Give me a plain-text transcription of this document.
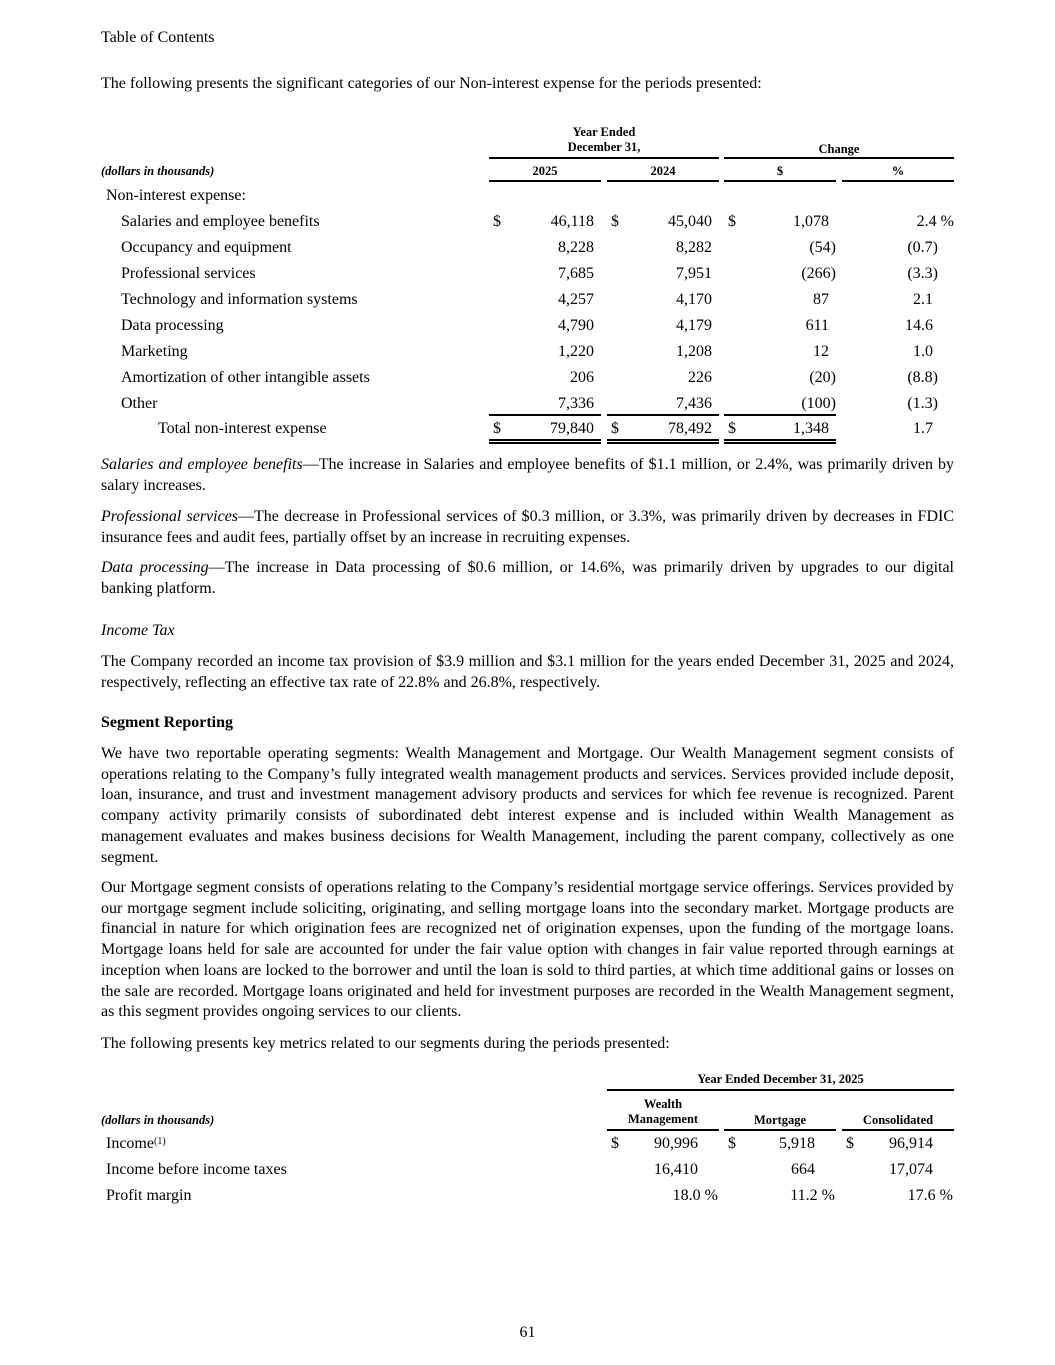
Table of Contents
The following presents the significant categories of our Non-interest expense for the periods presented:
Year Ended
December 31,	Change
(dollars in thousands)	2025	2024	$	%
Non-interest expense:
Salaries and employee benefits	$	46,118 $	45,040 $	1,078	2.4 %
Occupancy and equipment	8,228	8,282	(54)	(0.7)
Professional services	7,685	7,951	(266)	(3.3)
Technology and information systems	4,257	4,170	87	2.1
Data processing	4,790	4,179	611	14.6
Marketing	1,220	1,208	12	1.0
Amortization of other intangible assets	206	226	(20)	(8.8)
Other	7,336	7,436	(100)	(1.3)
Total non-interest expense	$	79,840 $	78,492 $	1,348	1.7
Salaries and employee benefits—The increase in Salaries and employee benefits of $1.1 million, or 2.4%, was primarily driven by salary increases.
Professional services—The decrease in Professional services of $0.3 million, or 3.3%, was primarily driven by decreases in FDIC insurance fees and audit fees, partially offset by an increase in recruiting expenses.
Data processing—The increase in Data processing of $0.6 million, or 14.6%, was primarily driven by upgrades to our digital banking platform.
Income Tax
The Company recorded an income tax provision of $3.9 million and $3.1 million for the years ended December 31, 2025 and 2024, respectively, reflecting an effective tax rate of 22.8% and 26.8%, respectively.
Segment Reporting
We have two reportable operating segments: Wealth Management and Mortgage. Our Wealth Management segment consists of operations relating to the Company’s fully integrated wealth management products and services. Services provided include deposit, loan, insurance, and trust and investment management advisory products and services for which fee revenue is recognized. Parent company activity primarily consists of subordinated debt interest expense and is included within Wealth Management as management evaluates and makes business decisions for Wealth Management, including the parent company, collectively as one segment.
Our Mortgage segment consists of operations relating to the Company’s residential mortgage service offerings. Services provided by our mortgage segment include soliciting, originating, and selling mortgage loans into the secondary market. Mortgage products are financial in nature for which origination fees are recognized net of origination expenses, upon the funding of the mortgage loans. Mortgage loans held for sale are accounted for under the fair value option with changes in fair value reported through earnings at inception when loans are locked to the borrower and until the loan is sold to third parties, at which time additional gains or losses on the sale are recorded. Mortgage loans originated and held for investment purposes are recorded in the Wealth Management segment, as this segment provides ongoing services to our clients.
The following presents key metrics related to our segments during the periods presented:
Year Ended December 31, 2025
Wealth
Management	Mortgage	Consolidated
(dollars in thousands)
Income$^{(1)}$	$	90,996 $	5,918 $	96,914
Income before income taxes	16,410	664	17,074
Profit margin	18.0 %	11.2 %	17.6 %
61
